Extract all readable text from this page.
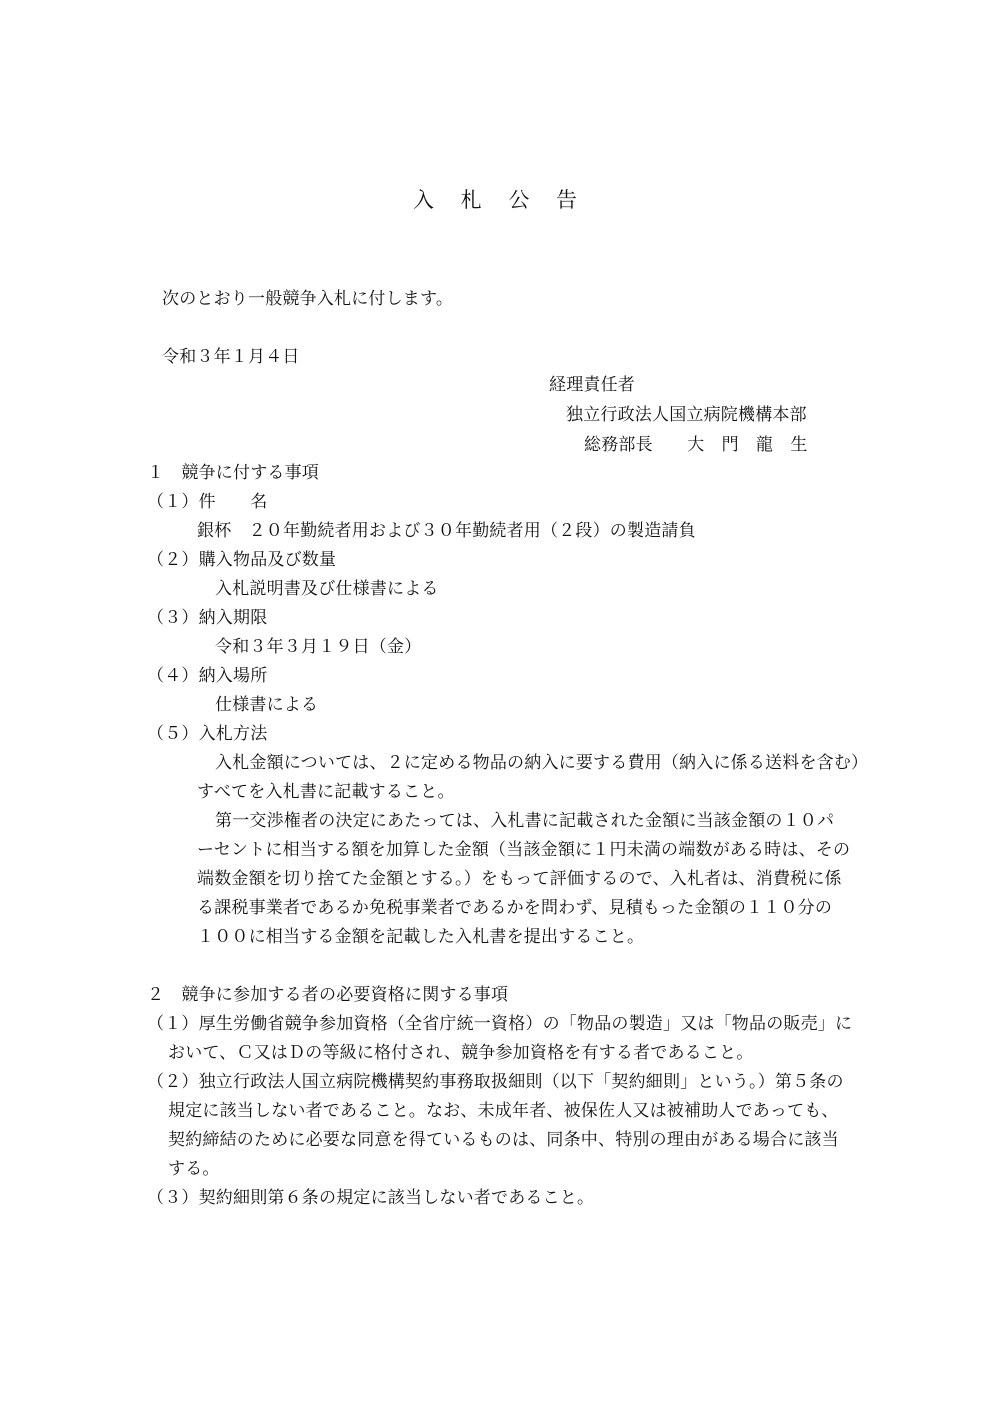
入 札 公 告
次のとおり一般競争入札に付します。
令和３年１月４日
経理責任者
独立行政法人国立病院機構本部
総務部長　　大　門　龍　生
１　競争に付する事項
（１）件　　名
銀杯　２０年勤続者用および３０年勤続者用（２段）の製造請負
（２）購入物品及び数量
入札説明書及び仕様書による
（３）納入期限
令和３年３月１９日（金）
（４）納入場所
仕様書による
（５）入札方法
入札金額については、２に定める物品の納入に要する費用（納入に係る送料を含む）
すべてを入札書に記載すること。
第一交渉権者の決定にあたっては、入札書に記載された金額に当該金額の１０パ
ーセントに相当する額を加算した金額（当該金額に１円未満の端数がある時は、その
端数金額を切り捨てた金額とする。）をもって評価するので、入札者は、消費税に係
る課税事業者であるか免税事業者であるかを問わず、見積もった金額の１１０分の
１００に相当する金額を記載した入札書を提出すること。
２　競争に参加する者の必要資格に関する事項
（１）厚生労働省競争参加資格（全省庁統一資格）の「物品の製造」又は「物品の販売」に
おいて、Ｃ又はＤの等級に格付され、競争参加資格を有する者であること。
（２）独立行政法人国立病院機構契約事務取扱細則（以下「契約細則」という。）第５条の
規定に該当しない者であること。なお、未成年者、被保佐人又は被補助人であっても、
契約締結のために必要な同意を得ているものは、同条中、特別の理由がある場合に該当
する。
（３）契約細則第６条の規定に該当しない者であること。
